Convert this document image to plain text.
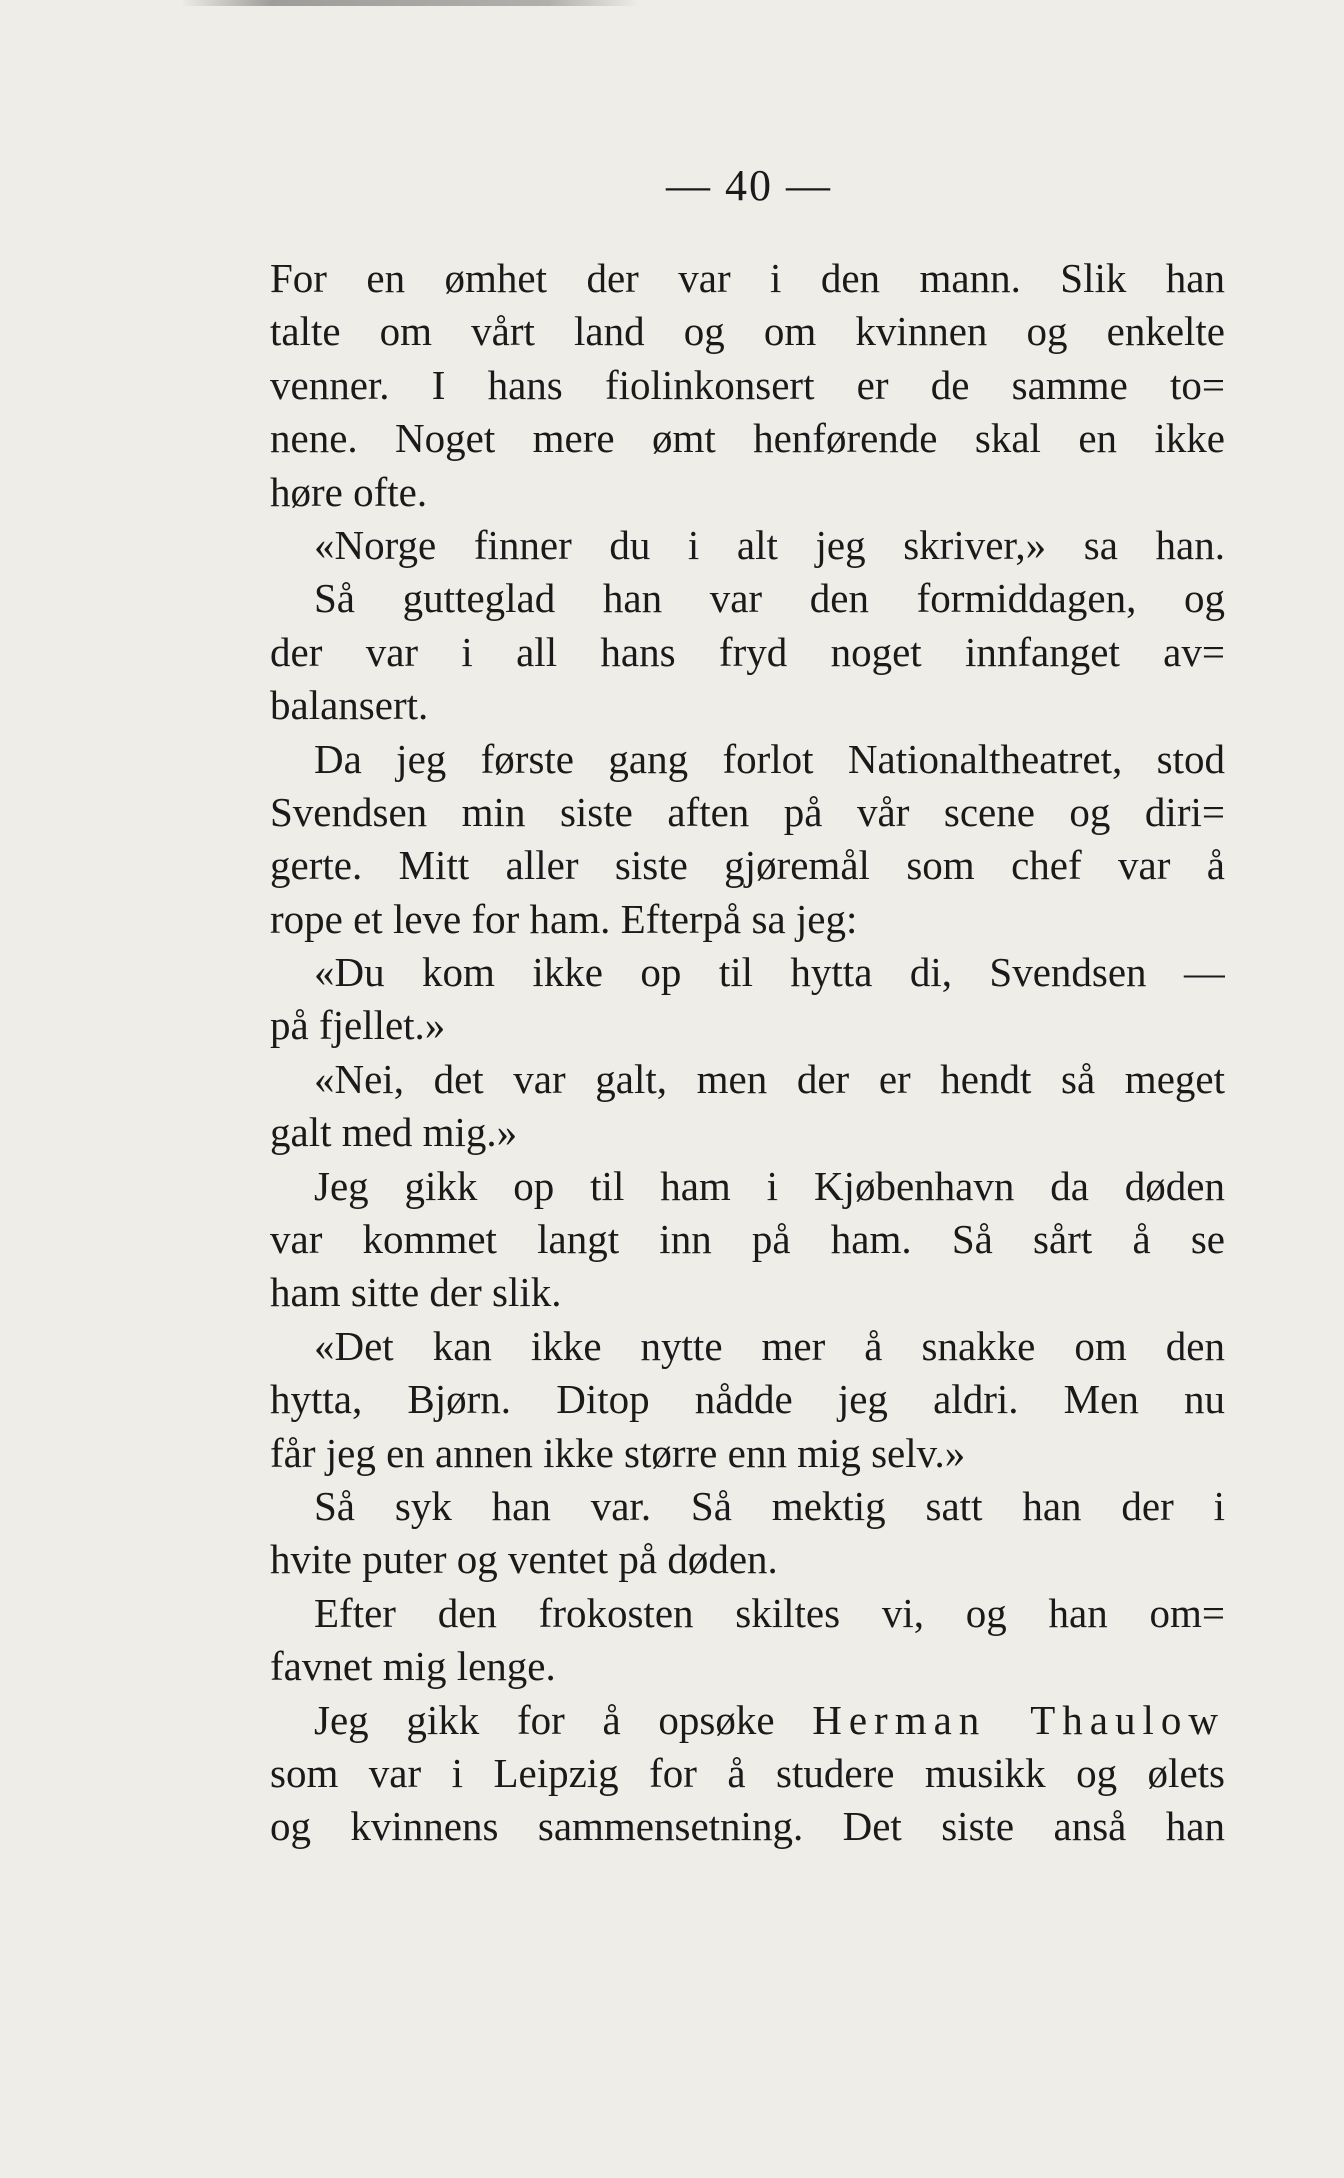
— 40 —
For en ømhet der var i den mann. Slik han
talte om vårt land og om kvinnen og enkelte
venner. I hans fiolinkonsert er de samme to=
nene. Noget mere ømt henførende skal en ikke
høre ofte.
«Norge finner du i alt jeg skriver,» sa han.
Så gutteglad han var den formiddagen, og
der var i all hans fryd noget innfanget av=
balansert.
Da jeg første gang forlot Nationaltheatret, stod
Svendsen min siste aften på vår scene og diri=
gerte. Mitt aller siste gjøremål som chef var å
rope et leve for ham. Efterpå sa jeg:
«Du kom ikke op til hytta di, Svendsen —
på fjellet.»
«Nei, det var galt, men der er hendt så meget
galt med mig.»
Jeg gikk op til ham i Kjøbenhavn da døden
var kommet langt inn på ham. Så sårt å se
ham sitte der slik.
«Det kan ikke nytte mer å snakke om den
hytta, Bjørn. Ditop nådde jeg aldri. Men nu
får jeg en annen ikke større enn mig selv.»
Så syk han var. Så mektig satt han der i
hvite puter og ventet på døden.
Efter den frokosten skiltes vi, og han om=
favnet mig lenge.
Jeg gikk for å opsøke Herman Thaulow
som var i Leipzig for å studere musikk og ølets
og kvinnens sammensetning. Det siste anså han
